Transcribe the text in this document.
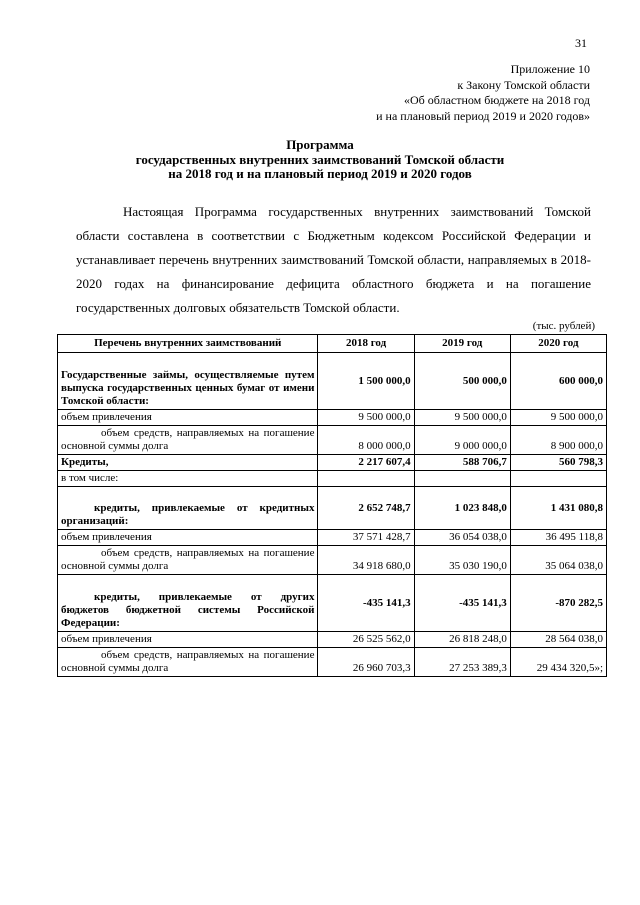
31
Приложение 10
к Закону Томской области
«Об областном бюджете на 2018 год
и на плановый период 2019 и 2020 годов»
Программа
государственных внутренних заимствований Томской области
на 2018 год и на плановый период 2019 и 2020 годов

Настоящая Программа государственных внутренних заимствований Томской области составлена в соответствии с Бюджетным кодексом Российской Федерации и устанавливает перечень внутренних заимствований Томской области, направляемых в 2018-2020 годах на финансирование дефицита областного бюджета и на погашение государственных долговых обязательств Томской области.

(тыс. рублей)
Перечень внутренних заимствований	2018 год	2019 год	2020 год
Государственные займы, осуществляемые путем выпуска государственных ценных бумаг от имени Томской области:	1 500 000,0	500 000,0	600 000,0
объем привлечения	9 500 000,0	9 500 000,0	9 500 000,0
объем средств, направляемых на погашение основной суммы долга	8 000 000,0	9 000 000,0	8 900 000,0
Кредиты,	2 217 607,4	588 706,7	560 798,3
в том числе:			
кредиты, привлекаемые от кредитных организаций:	2 652 748,7	1 023 848,0	1 431 080,8
объем привлечения	37 571 428,7	36 054 038,0	36 495 118,8
объем средств, направляемых на погашение основной суммы долга	34 918 680,0	35 030 190,0	35 064 038,0
кредиты, привлекаемые от других бюджетов бюджетной системы Российской Федерации:	-435 141,3	-435 141,3	-870 282,5
объем привлечения	26 525 562,0	26 818 248,0	28 564 038,0
объем средств, направляемых на погашение основной суммы долга	26 960 703,3	27 253 389,3	29 434 320,5»;
